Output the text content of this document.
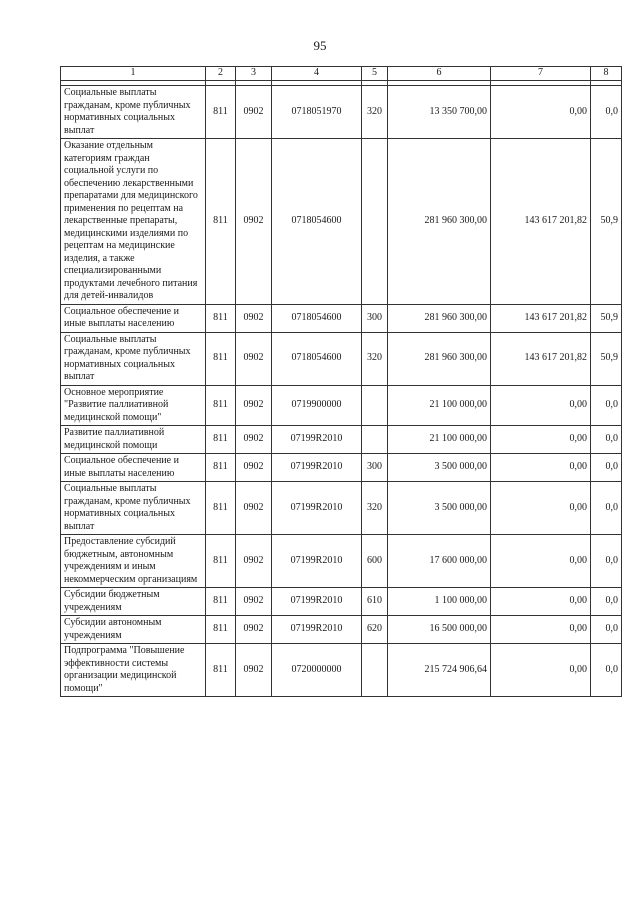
95
1	2	3	4	5	6	7	8

Социальные выплаты гражданам, кроме публичных нормативных социальных выплат	811	0902	0718051970	320	13 350 700,00	0,00	0,0
Оказание отдельным категориям граждан социальной услуги по обеспечению лекарственными препаратами для медицинского применения по рецептам на лекарственные препараты, медицинскими изделиями по рецептам на медицинские изделия, а также специализированными продуктами лечебного питания для детей-инвалидов	811	0902	0718054600		281 960 300,00	143 617 201,82	50,9
Социальное обеспечение и иные выплаты населению	811	0902	0718054600	300	281 960 300,00	143 617 201,82	50,9
Социальные выплаты гражданам, кроме публичных нормативных социальных выплат	811	0902	0718054600	320	281 960 300,00	143 617 201,82	50,9
Основное мероприятие "Развитие паллиативной медицинской помощи"	811	0902	0719900000		21 100 000,00	0,00	0,0
Развитие паллиативной медицинской помощи	811	0902	07199R2010		21 100 000,00	0,00	0,0
Социальное обеспечение и иные выплаты населению	811	0902	07199R2010	300	3 500 000,00	0,00	0,0
Социальные выплаты гражданам, кроме публичных нормативных социальных выплат	811	0902	07199R2010	320	3 500 000,00	0,00	0,0
Предоставление субсидий бюджетным, автономным учреждениям и иным некоммерческим организациям	811	0902	07199R2010	600	17 600 000,00	0,00	0,0
Субсидии бюджетным учреждениям	811	0902	07199R2010	610	1 100 000,00	0,00	0,0
Субсидии автономным учреждениям	811	0902	07199R2010	620	16 500 000,00	0,00	0,0
Подпрограмма "Повышение эффективности системы организации медицинской помощи"	811	0902	0720000000		215 724 906,64	0,00	0,0
